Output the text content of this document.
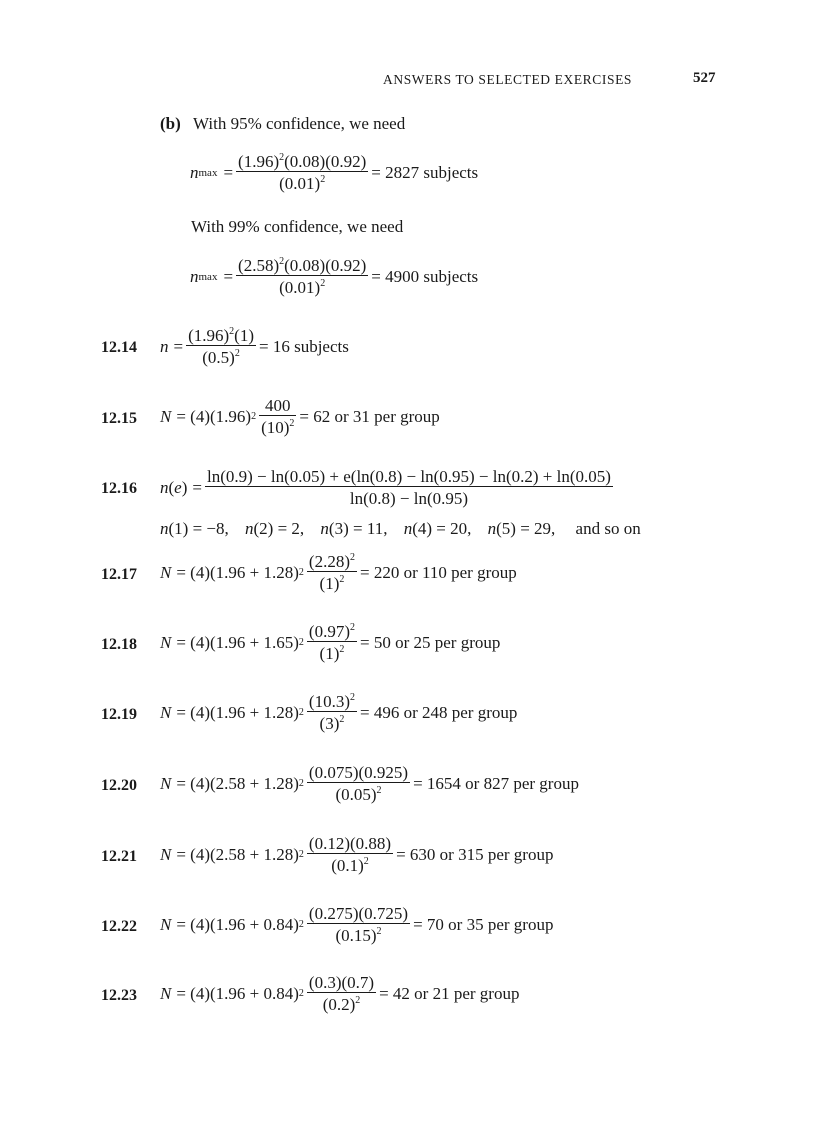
ANSWERS TO SELECTED EXERCISES	527
(b) With 95% confidence, we need
n $\max = \frac{(1.96)^2(0.08)(0.92)}{(0.01)^2} = 2827$ subjects
With 99% confidence, we need
n $\max = \frac{(2.58)^2(0.08)(0.92)}{(0.01)^2} = 4900$ subjects
12.14 $n = \frac{(1.96)^2(1)}{(0.5)^2} = 16$ subjects
12.15 N = (4)(1.96) $2 \frac{400}{(10)^2} = 62$ or 31 per group
12.16 n(e) =
ln(0.9) − ln(0.05) + e(ln(0.8) − ln(0.95) − ln(0.2) + ln(0.05)
ln(0.8) − ln(0.95)
n(1) = −8, n(2) = 2, n(3) = 11, n(4) = 20, n(5) = 29, and so on
12.17 N = (4)(1.96 + 1.28) $2 \frac{(2.28)^2}{(1)^2} = 220$ or 110 per group
12.18 N = (4)(1.96 + 1.65) $2 \frac{(0.97)^2}{(1)^2} = 50$ or 25 per group
12.19 N = (4)(1.96 + 1.28) $2 \frac{(10.3)^2}{(3)^2} = 496$ or 248 per group
12.20 N = (4)(2.58 + 1.28) $2 \frac{(0.075)(0.925)}{(0.05)^2} = 1654$ or 827 per group
12.21 N = (4)(2.58 + 1.28) $2 \frac{(0.12)(0.88)}{(0.1)^2} = 630$ or 315 per group
12.22 N = (4)(1.96 + 0.84) $2 \frac{(0.275)(0.725)}{(0.15)^2} = 70$ or 35 per group
12.23 N = (4)(1.96 + 0.84) $2 \frac{(0.3)(0.7)}{(0.2)^2} = 42$ or 21 per group
